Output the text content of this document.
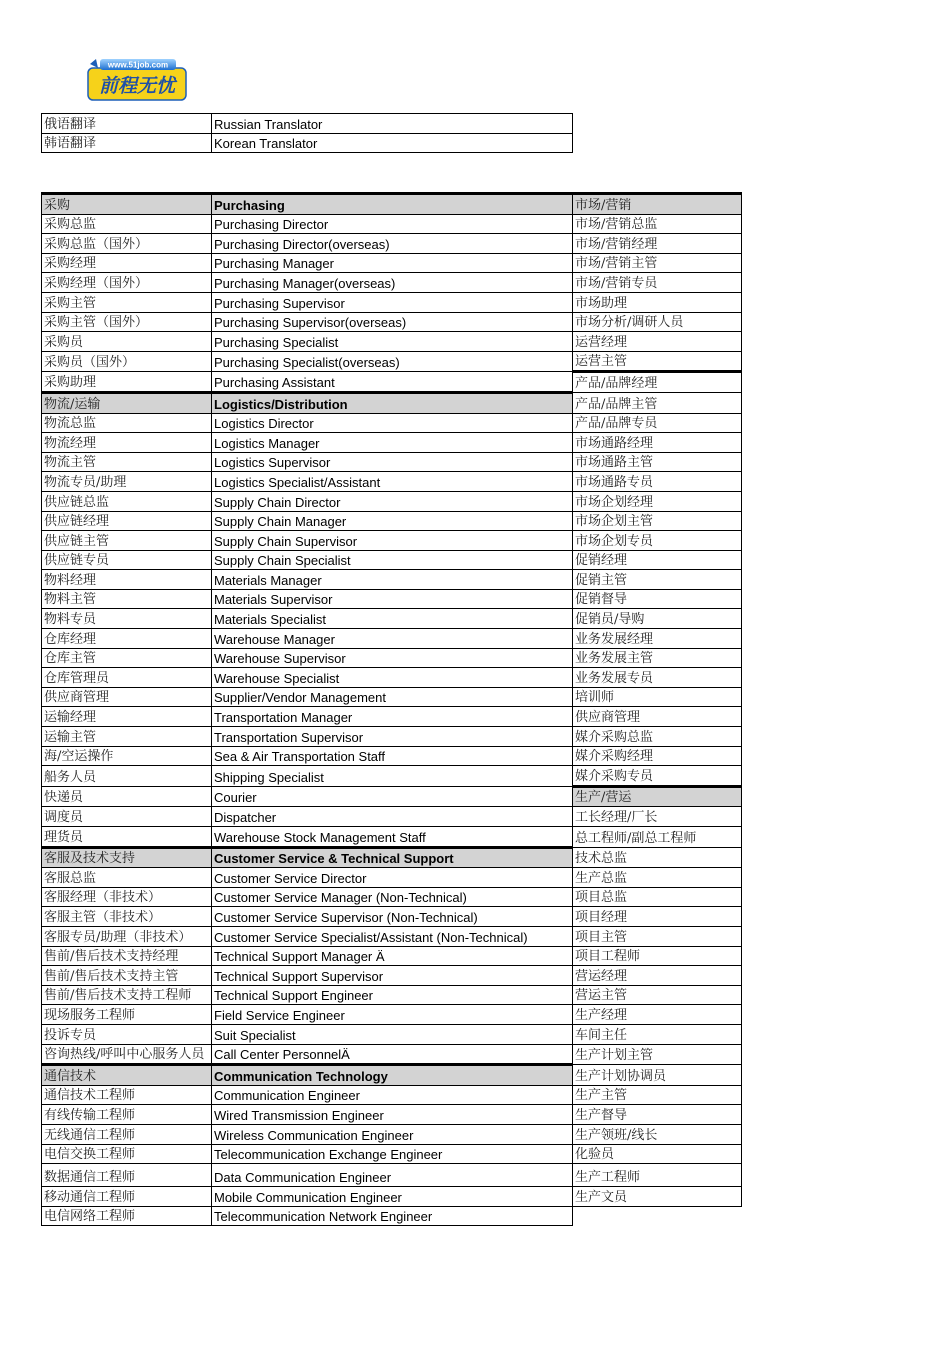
www.51job.com
前程无忧
俄语翻译	Russian Translator
韩语翻译	Korean Translator
采购	Purchasing	市场/营销
采购总监	Purchasing Director	市场/营销总监
采购总监（国外）	Purchasing Director(overseas)	市场/营销经理
采购经理	Purchasing Manager	市场/营销主管
采购经理（国外）	Purchasing Manager(overseas)	市场/营销专员
采购主管	Purchasing Supervisor	市场助理
采购主管（国外）	Purchasing Supervisor(overseas)	市场分析/调研人员
采购员	Purchasing Specialist	运营经理
采购员（国外）	Purchasing Specialist(overseas)	运营主管
采购助理	Purchasing Assistant	产品/品牌经理
物流/运输	Logistics/Distribution	产品/品牌主管
物流总监	Logistics Director	产品/品牌专员
物流经理	Logistics Manager	市场通路经理
物流主管	Logistics Supervisor	市场通路主管
物流专员/助理	Logistics Specialist/Assistant	市场通路专员
供应链总监	Supply Chain Director	市场企划经理
供应链经理	Supply Chain Manager	市场企划主管
供应链主管	Supply Chain Supervisor	市场企划专员
供应链专员	Supply Chain Specialist	促销经理
物料经理	Materials Manager	促销主管
物料主管	Materials Supervisor	促销督导
物料专员	Materials Specialist	促销员/导购
仓库经理	Warehouse Manager	业务发展经理
仓库主管	Warehouse Supervisor	业务发展主管
仓库管理员	Warehouse Specialist	业务发展专员
供应商管理	Supplier/Vendor Management	培训师
运输经理	Transportation Manager	供应商管理
运输主管	Transportation Supervisor	媒介采购总监
海/空运操作	Sea & Air Transportation Staff	媒介采购经理
船务人员	Shipping Specialist	媒介采购专员
快递员	Courier	生产/营运
调度员	Dispatcher	工长经理/厂长
理货员	Warehouse Stock Management Staff	总工程师/副总工程师
客服及技术支持	Customer Service & Technical Support	技术总监
客服总监	Customer Service Director	生产总监
客服经理（非技术）	Customer Service Manager (Non-Technical)	项目总监
客服主管（非技术）	Customer Service Supervisor (Non-Technical)	项目经理
客服专员/助理（非技术）	Customer Service Specialist/Assistant (Non-Technical)	项目主管
售前/售后技术支持经理	Technical Support Manager Ä	项目工程师
售前/售后技术支持主管	Technical Support Supervisor	营运经理
售前/售后技术支持工程师	Technical Support Engineer	营运主管
现场服务工程师	Field Service Engineer	生产经理
投诉专员	Suit Specialist	车间主任
咨询热线/呼叫中心服务人员	Call Center PersonnelÄ	生产计划主管
通信技术	Communication Technology	生产计划协调员
通信技术工程师	Communication Engineer	生产主管
有线传输工程师	Wired Transmission Engineer	生产督导
无线通信工程师	Wireless Communication Engineer	生产领班/线长
电信交换工程师	Telecommunication Exchange Engineer	化验员
数据通信工程师	Data Communication Engineer	生产工程师
移动通信工程师	Mobile Communication Engineer	生产文员
电信网络工程师	Telecommunication Network Engineer	
